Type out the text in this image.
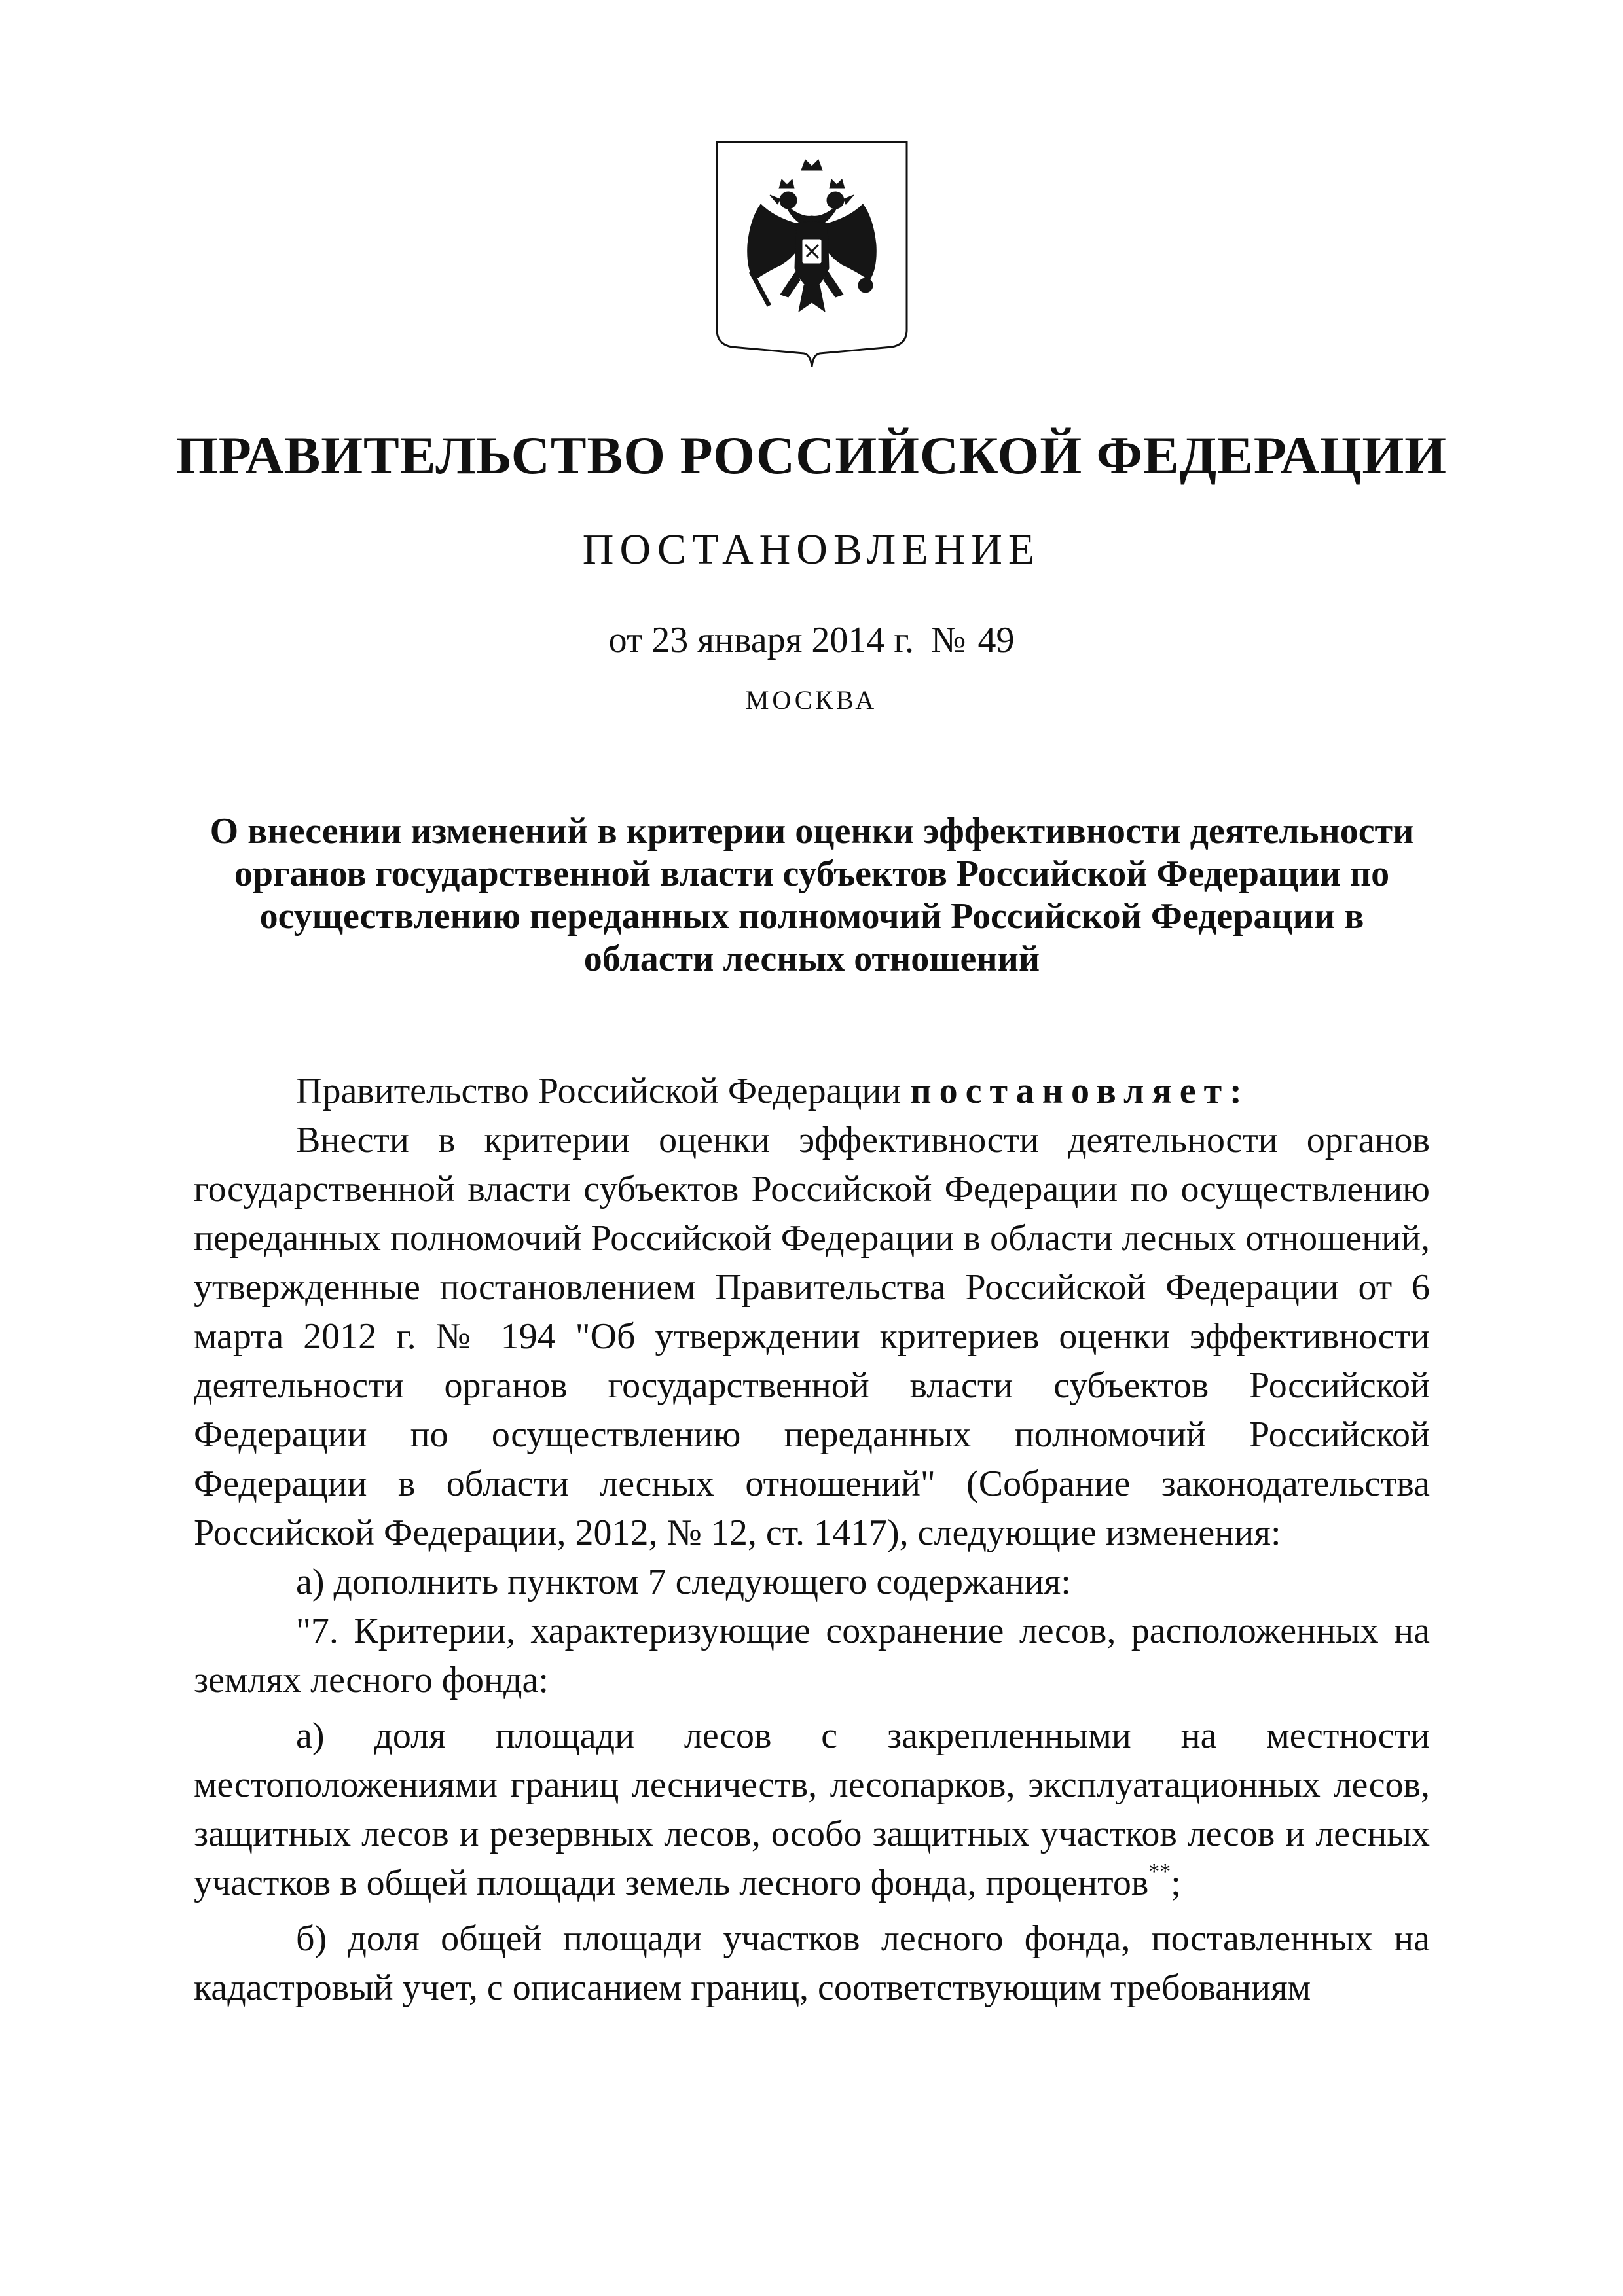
ПРАВИТЕЛЬСТВО РОССИЙСКОЙ ФЕДЕРАЦИИ
ПОСТАНОВЛЕНИЕ
от 23 января 2014 г. № 49
МОСКВА
О внесении изменений в критерии оценки эффективности деятельности органов государственной власти субъектов Российской Федерации по осуществлению переданных полномочий Российской Федерации в области лесных отношений

Правительство Российской Федерации постановляет:

Внести в критерии оценки эффективности деятельности органов государственной власти субъектов Российской Федерации по осуществлению переданных полномочий Российской Федерации в области лесных отношений, утвержденные постановлением Правительства Российской Федерации от 6 марта 2012 г. № 194 "Об утверждении критериев оценки эффективности деятельности органов государственной власти субъектов Российской Федерации по осуществлению переданных полномочий Российской Федерации в области лесных отношений" (Собрание законодательства Российской Федерации, 2012, № 12, ст. 1417), следующие изменения:

а) дополнить пунктом 7 следующего содержания:

"7. Критерии, характеризующие сохранение лесов, расположенных на землях лесного фонда:

а) доля площади лесов с закрепленными на местности местоположениями границ лесничеств, лесопарков, эксплуатационных лесов, защитных лесов и резервных лесов, особо защитных участков лесов и лесных участков в общей площади земель лесного фонда, процентов**;

б) доля общей площади участков лесного фонда, поставленных на кадастровый учет, с описанием границ, соответствующим требованиям
